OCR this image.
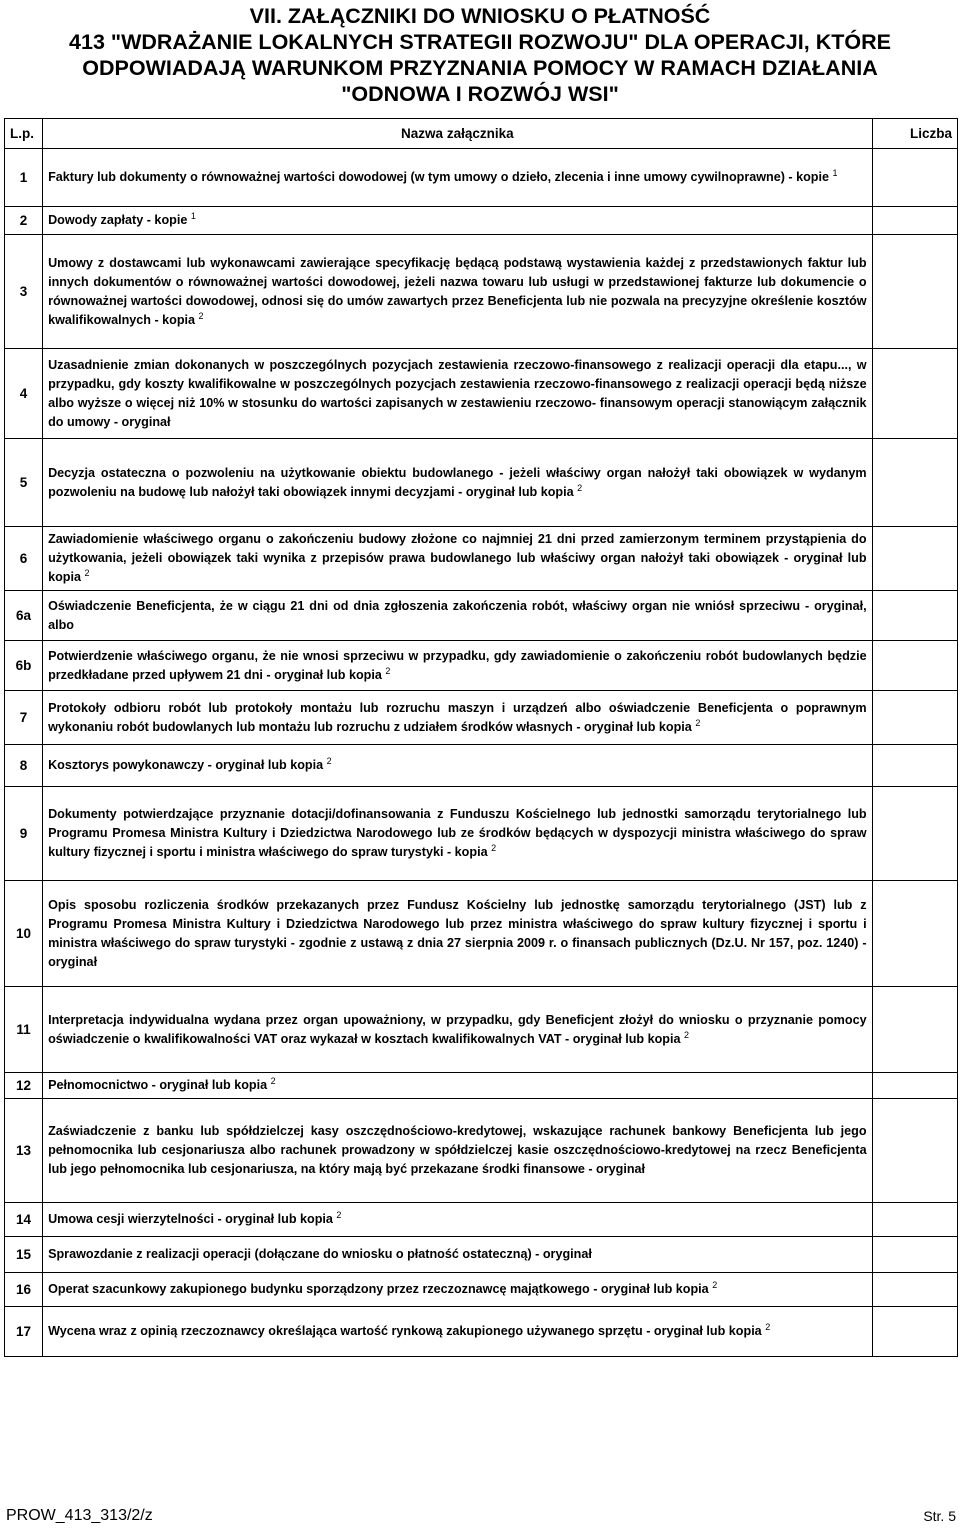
VII. ZAŁĄCZNIKI DO WNIOSKU O PŁATNOŚĆ
413 "WDRAŻANIE LOKALNYCH STRATEGII ROZWOJU" DLA OPERACJI, KTÓRE
ODPOWIADAJĄ WARUNKOM PRZYZNANIA POMOCY W RAMACH DZIAŁANIA
"ODNOWA I ROZWÓJ WSI"
L.p.	Nazwa załącznika	Liczba
1	Faktury lub dokumenty o równoważnej wartości dowodowej (w tym umowy o dzieło, zlecenia i inne umowy cywilnoprawne) - kopie $^1$	
2	Dowody zapłaty - kopie $^1$	
3	Umowy z dostawcami lub wykonawcami zawierające specyfikację będącą podstawą wystawienia każdej z przedstawionych faktur lub innych dokumentów o równoważnej wartości dowodowej, jeżeli nazwa towaru lub usługi w przedstawionej fakturze lub dokumencie o równoważnej wartości dowodowej, odnosi się do umów zawartych przez Beneficjenta lub nie pozwala na precyzyjne określenie kosztów kwalifikowalnych - kopia $^2$	
4	Uzasadnienie zmian dokonanych w poszczególnych pozycjach zestawienia rzeczowo-finansowego z realizacji operacji dla etapu..., w przypadku, gdy koszty kwalifikowalne w poszczególnych pozycjach zestawienia rzeczowo-finansowego z realizacji operacji będą niższe albo wyższe o więcej niż 10% w stosunku do wartości zapisanych w zestawieniu rzeczowo- finansowym operacji stanowiącym załącznik do umowy - oryginał	
5	Decyzja ostateczna o pozwoleniu na użytkowanie obiektu budowlanego - jeżeli właściwy organ nałożył taki obowiązek w wydanym pozwoleniu na budowę lub nałożył taki obowiązek innymi decyzjami - oryginał lub kopia $^2$	
6	Zawiadomienie właściwego organu o zakończeniu budowy złożone co najmniej 21 dni przed zamierzonym terminem przystąpienia do użytkowania, jeżeli obowiązek taki wynika z przepisów prawa budowlanego lub właściwy organ nałożył taki obowiązek - oryginał lub kopia $^2$	
6a	Oświadczenie Beneficjenta, że w ciągu 21 dni od dnia zgłoszenia zakończenia robót, właściwy organ nie wniósł sprzeciwu - oryginał, albo	
6b	Potwierdzenie właściwego organu, że nie wnosi sprzeciwu w przypadku, gdy zawiadomienie o zakończeniu robót budowlanych będzie przedkładane przed upływem 21 dni - oryginał lub kopia $^2$	
7	Protokoły odbioru robót lub protokoły montażu lub rozruchu maszyn i urządzeń albo oświadczenie Beneficjenta o poprawnym wykonaniu robót budowlanych lub montażu lub rozruchu z udziałem środków własnych - oryginał lub kopia $^2$	
8	Kosztorys powykonawczy - oryginał lub kopia $^2$	
9	Dokumenty potwierdzające przyznanie dotacji/dofinansowania z Funduszu Kościelnego lub jednostki samorządu terytorialnego lub Programu Promesa Ministra Kultury i Dziedzictwa Narodowego lub ze środków będących w dyspozycji ministra właściwego do spraw kultury fizycznej i sportu i ministra właściwego do spraw turystyki - kopia $^2$	
10	Opis sposobu rozliczenia środków przekazanych przez Fundusz Kościelny lub jednostkę samorządu terytorialnego (JST) lub z Programu Promesa Ministra Kultury i Dziedzictwa Narodowego lub przez ministra właściwego do spraw kultury fizycznej i sportu i ministra właściwego do spraw turystyki - zgodnie z ustawą z dnia 27 sierpnia 2009 r. o finansach publicznych (Dz.U. Nr 157, poz. 1240) - oryginał	
11	Interpretacja indywidualna wydana przez organ upoważniony, w przypadku, gdy Beneficjent złożył do wniosku o przyznanie pomocy oświadczenie o kwalifikowalności VAT oraz wykazał w kosztach kwalifikowalnych VAT - oryginał lub kopia $^2$	
12	Pełnomocnictwo - oryginał lub kopia $^2$	
13	Zaświadczenie z banku lub spółdzielczej kasy oszczędnościowo-kredytowej, wskazujące rachunek bankowy Beneficjenta lub jego pełnomocnika lub cesjonariusza albo rachunek prowadzony w spółdzielczej kasie oszczędnościowo-kredytowej na rzecz Beneficjenta lub jego pełnomocnika lub cesjonariusza, na który mają być przekazane środki finansowe - oryginał	
14	Umowa cesji wierzytelności - oryginał lub kopia $^2$	
15	Sprawozdanie z realizacji operacji (dołączane do wniosku o płatność ostateczną) - oryginał	
16	Operat szacunkowy zakupionego budynku sporządzony przez rzeczoznawcę majątkowego - oryginał lub kopia $^2$	
17	Wycena wraz z opinią rzeczoznawcy określająca wartość rynkową zakupionego używanego sprzętu - oryginał lub kopia $^2$	
PROW_413_313/2/z	Str. 5
